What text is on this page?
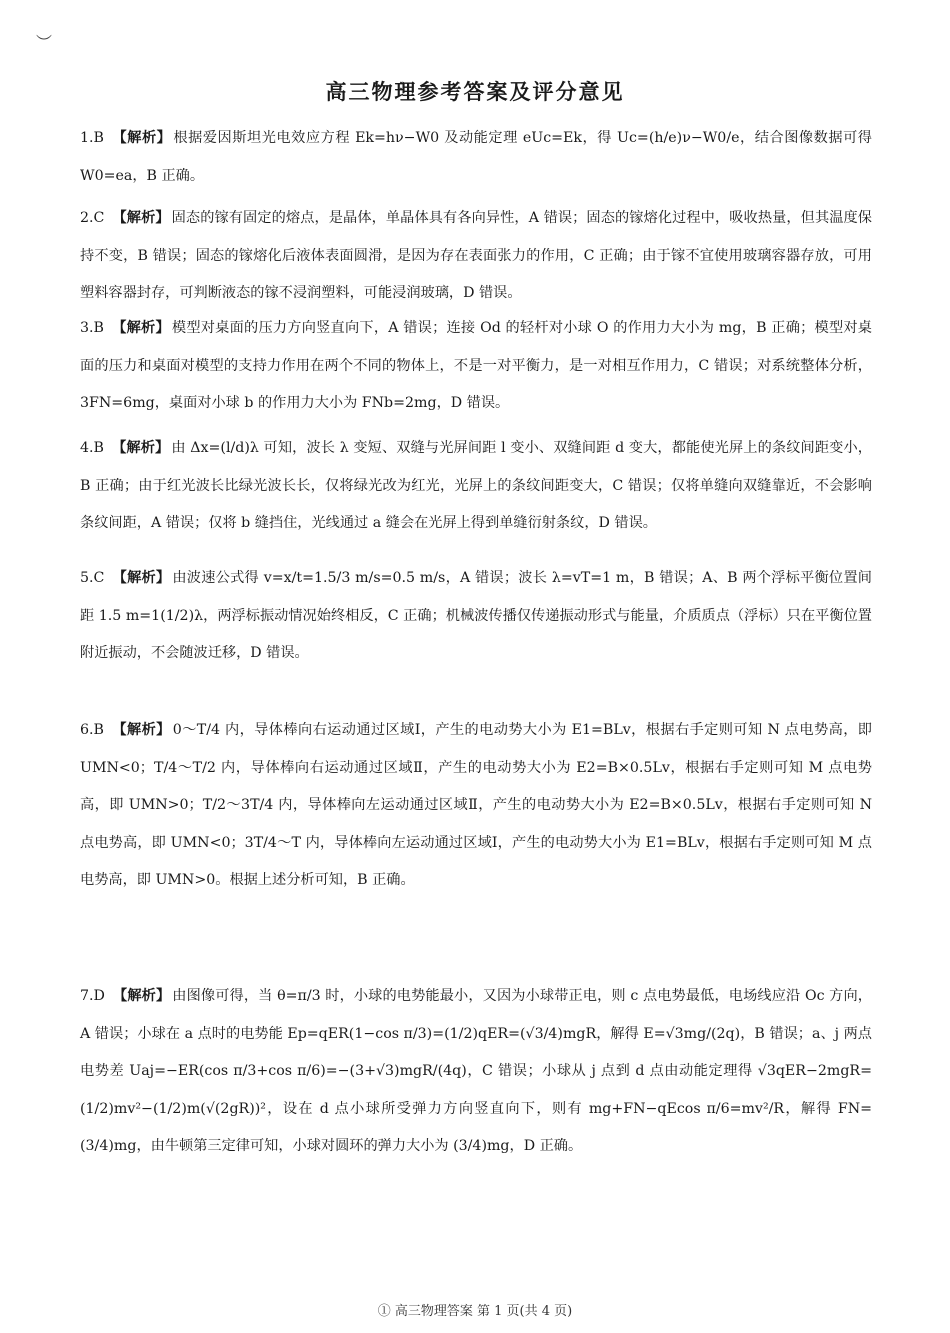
︶
高三物理参考答案及评分意见
1.B 【解析】 根据爱因斯坦光电效应方程 Ek=hν−W0 及动能定理 eUc=Ek，得 Uc=(h/e)ν−W0/e，结合图像数据可得 W0=ea，B 正确。
2.C 【解析】 固态的镓有固定的熔点，是晶体，单晶体具有各向异性，A 错误；固态的镓熔化过程中，吸收热量，但其温度保持不变，B 错误；固态的镓熔化后液体表面圆滑，是因为存在表面张力的作用，C 正确；由于镓不宜使用玻璃容器存放，可用塑料容器封存，可判断液态的镓不浸润塑料，可能浸润玻璃，D 错误。
3.B 【解析】 模型对桌面的压力方向竖直向下，A 错误；连接 Od 的轻杆对小球 O 的作用力大小为 mg，B 正确；模型对桌面的压力和桌面对模型的支持力作用在两个不同的物体上，不是一对平衡力，是一对相互作用力，C 错误；对系统整体分析，3FN=6mg，桌面对小球 b 的作用力大小为 FNb=2mg，D 错误。
4.B 【解析】 由 Δx=(l/d)λ 可知，波长 λ 变短、双缝与光屏间距 l 变小、双缝间距 d 变大，都能使光屏上的条纹间距变小，B 正确；由于红光波长比绿光波长长，仅将绿光改为红光，光屏上的条纹间距变大，C 错误；仅将单缝向双缝靠近，不会影响条纹间距，A 错误；仅将 b 缝挡住，光线通过 a 缝会在光屏上得到单缝衍射条纹，D 错误。
5.C 【解析】 由波速公式得 v=x/t=1.5/3 m/s=0.5 m/s，A 错误；波长 λ=vT=1 m，B 错误；A、B 两个浮标平衡位置间距 1.5 m=1(1/2)λ，两浮标振动情况始终相反，C 正确；机械波传播仅传递振动形式与能量，介质质点（浮标）只在平衡位置附近振动，不会随波迁移，D 错误。
6.B 【解析】 0～T/4 内，导体棒向右运动通过区域Ⅰ，产生的电动势大小为 E1=BLv，根据右手定则可知 N 点电势高，即 UMN<0；T/4～T/2 内，导体棒向右运动通过区域Ⅱ，产生的电动势大小为 E2=B×0.5Lv，根据右手定则可知 M 点电势高，即 UMN>0；T/2～3T/4 内，导体棒向左运动通过区域Ⅱ，产生的电动势大小为 E2=B×0.5Lv，根据右手定则可知 N 点电势高，即 UMN<0；3T/4～T 内，导体棒向左运动通过区域Ⅰ，产生的电动势大小为 E1=BLv，根据右手定则可知 M 点电势高，即 UMN>0。根据上述分析可知，B 正确。
7.D 【解析】 由图像可得，当 θ=π/3 时，小球的电势能最小，又因为小球带正电，则 c 点电势最低，电场线应沿 Oc 方向，A 错误；小球在 a 点时的电势能 Ep=qER(1−cos π/3)=(1/2)qER=(√3/4)mgR，解得 E=√3mg/(2q)，B 错误；a、j 两点电势差 Uaj=−ER(cos π/3+cos π/6)=−(3+√3)mgR/(4q)，C 错误；小球从 j 点到 d 点由动能定理得 √3qER−2mgR=(1/2)mv²−(1/2)m(√(2gR))²，设在 d 点小球所受弹力方向竖直向下，则有 mg+FN−qEcos π/6=mv²/R，解得 FN=(3/4)mg，由牛顿第三定律可知，小球对圆环的弹力大小为 (3/4)mg，D 正确。
① 高三物理答案 第 1 页(共 4 页)
